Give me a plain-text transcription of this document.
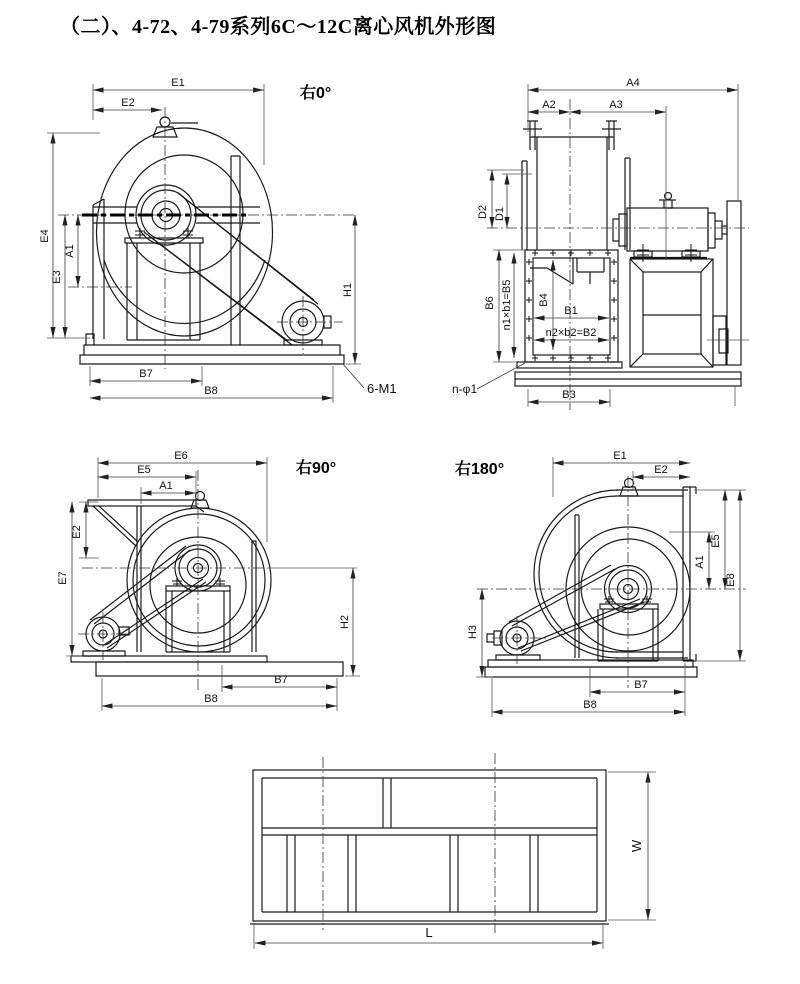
（二）、4-72、4-79系列6C～12C离心风机外形图
E1
E2
E4
E3
A1
H1
B7
B8	6-M1
右0°
A4
A2	A3
D2 D1
B6 n1×b1=B5 B4
B1
n2×b2=B2
B3
n-φ1
E6
E5
A1
E2
E7
H2
B7
B8
右90°
E1
E2
E5
A1
E8
H3
B7
B8
右180°
W
L
